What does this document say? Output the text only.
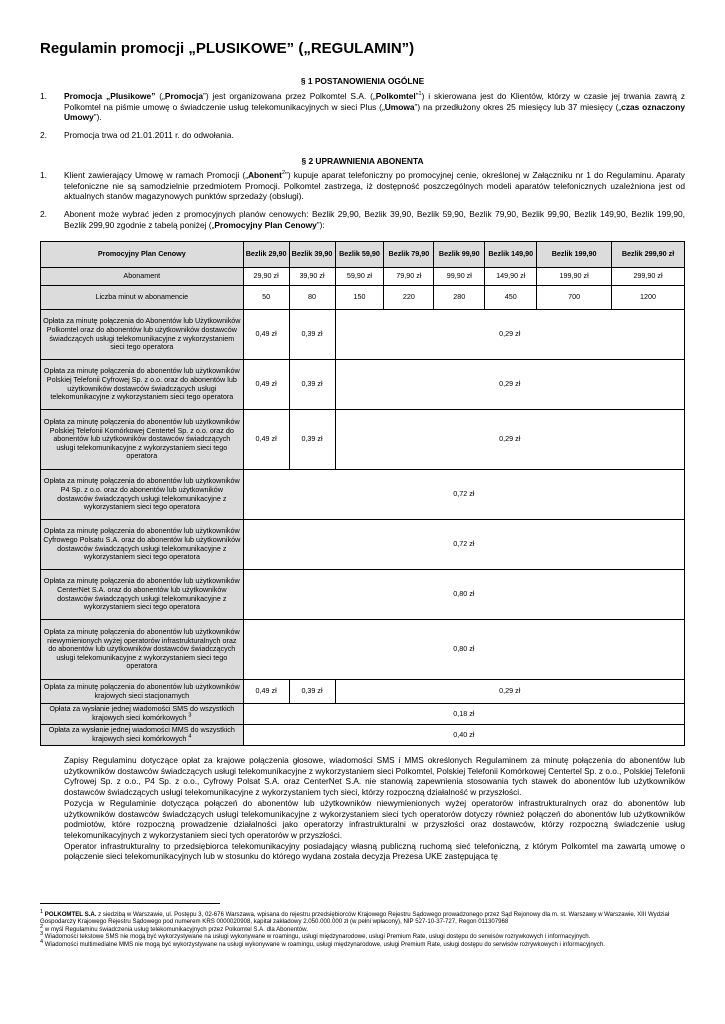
Regulamin promocji „PLUSIKOWE” („REGULAMIN”)
§ 1 POSTANOWIENIA OGÓLNE
1. Promocja „Plusikowe” („Promocja”) jest organizowana przez Polkomtel S.A. („Polkomtel”$^1$) i skierowana jest do Klientów, którzy w czasie jej trwania zawrą z Polkomtel na piśmie umowę o świadczenie usług telekomunikacyjnych w sieci Plus („Umowa”) na przedłużony okres 25 miesięcy lub 37 miesięcy („czas oznaczony Umowy”).
2. Promocja trwa od 21.01.2011 r. do odwołania.
§ 2 UPRAWNIENIA ABONENTA
1. Klient zawierający Umowę w ramach Promocji („Abonent$^2$”) kupuje aparat telefoniczny po promocyjnej cenie, określonej w Załączniku nr 1 do Regulaminu. Aparaty telefoniczne nie są samodzielnie przedmiotem Promocji. Polkomtel zastrzega, iż dostępność poszczególnych modeli aparatów telefonicznych uzależniona jest od aktualnych stanów magazynowych punktów sprzedaży (obsługi).
2. Abonent może wybrać jeden z promocyjnych planów cenowych: Bezlik 29,90, Bezlik 39,90, Bezlik 59,90, Bezlik 79,90, Bezlik 99,90, Bezlik 149,90, Bezlik 199,90, Bezlik 299,90 zgodnie z tabelą poniżej („Promocyjny Plan Cenowy”):
Promocyjny Plan Cenowy	Bezlik 29,90	Bezlik 39,90	Bezlik 59,90	Bezlik 79,90	Bezlik 99,90	Bezlik 149,90	Bezlik 199,90	Bezlik 299,90 zł
Abonament	29,90 zł	39,90 zł	59,90 zł	79,90 zł	99,90 zł	149,90 zł	199,90 zł	299,90 zł
Liczba minut w abonamencie	50	80	150	220	280	450	700	1200
Opłata za minutę połączenia do Abonentów lub Użytkowników Polkomtel oraz do abonentów lub użytkowników dostawców świadczących usługi telekomunikacyjne z wykorzystaniem sieci tego operatora	0,49 zł	0,39 zł	0,29 zł					
Opłata za minutę połączenia do abonentów lub użytkowników Polskiej Telefonii Cyfrowej Sp. z o.o. oraz do abonentów lub użytkowników dostawców świadczących usługi telekomunikacyjne z wykorzystaniem sieci tego operatora	0,49 zł	0,39 zł	0,29 zł					
Opłata za minutę połączenia do abonentów lub użytkowników Polskiej Telefonii Komórkowej Centertel Sp. z o.o. oraz do abonentów lub użytkowników dostawców świadczących usługi telekomunikacyjne z wykorzystaniem sieci tego operatora	0,49 zł	0,39 zł	0,29 zł					
Opłata za minutę połączenia do abonentów lub użytkowników P4 Sp. z o.o. oraz do abonentów lub użytkowników dostawców świadczących usługi telekomunikacyjne z wykorzystaniem sieci tego operatora	0,72 zł							
Opłata za minutę połączenia do abonentów lub użytkowników Cyfrowego Polsatu S.A. oraz do abonentów lub użytkowników dostawców świadczących usługi telekomunikacyjne z wykorzystaniem sieci tego operatora	0,72 zł							
Opłata za minutę połączenia do abonentów lub użytkowników CenterNet S.A. oraz do abonentów lub użytkowników dostawców świadczących usługi telekomunikacyjne z wykorzystaniem sieci tego operatora	0,80 zł							
Opłata za minutę połączenia do abonentów lub użytkowników niewymienionych wyżej operatorów infrastrukturalnych oraz do abonentów lub użytkowników dostawców świadczących usługi telekomunikacyjne z wykorzystaniem sieci tego operatora	0,80 zł							
Opłata za minutę połączenia do abonentów lub użytkowników krajowych sieci stacjonarnych	0,49 zł	0,39 zł	0,29 zł					
Opłata za wysłanie jednej wiadomości SMS do wszystkich krajowych sieci komórkowych $^3$	0,18 zł							
Opłata za wysłanie jednej wiadomości MMS do wszystkich krajowych sieci komórkowych $^4$	0,40 zł							

Zapisy Regulaminu dotyczące opłat za krajowe połączenia głosowe, wiadomości SMS i MMS określonych Regulaminem za minutę połączenia do abonentów lub użytkowników dostawców świadczących usługi telekomunikacyjne z wykorzystaniem sieci Polkomtel, Polskiej Telefonii Komórkowej Centertel Sp. z o.o., Polskiej Telefonii Cyfrowej Sp. z o.o., P4 Sp. z o.o., Cyfrowy Polsat S.A. oraz CenterNet S.A. nie stanowią zapewnienia stosowania tych stawek do abonentów lub użytkowników dostawców świadczących usługi telekomunikacyjne z wykorzystaniem tych sieci, którzy rozpoczną działalność w przyszłości.

Pozycja w Regulaminie dotycząca połączeń do abonentów lub użytkowników niewymienionych wyżej operatorów infrastrukturalnych oraz do abonentów lub użytkowników dostawców świadczących usługi telekomunikacyjne z wykorzystaniem sieci tych operatorów dotyczy również połączeń do abonentów lub użytkowników podmiotów, które rozpoczną prowadzenie działalności jako operatorzy infrastrukturalni w przyszłości oraz dostawców, którzy rozpoczną świadczenie usług telekomunikacyjnych z wykorzystaniem sieci tych operatorów w przyszłości.

Operator infrastrukturalny to przedsiębiorca telekomunikacyjny posiadający własną publiczną ruchomą sieć telefoniczną, z którym Polkomtel ma zawartą umowę o połączenie sieci telekomunikacyjnych lub w stosunku do którego wydana została decyzja Prezesa UKE zastępująca tę

$^1$ POLKOMTEL S.A. z siedzibą w Warszawie, ul. Postępu 3, 02-676 Warszawa, wpisana do rejestru przedsiębiorców Krajowego Rejestru Sądowego prowadzonego przez Sąd Rejonowy dla m. st. Warszawy w Warszawie, XIII Wydział Gospodarczy Krajowego Rejestru Sądowego pod numerem KRS 0000020908, kapitał zakładowy 2.050.000.000 zł (w pełni wpłacony), NIP 527-10-37-727, Regon 011307968

$^2$ w myśl Regulaminu świadczenia usług telekomunikacyjnych przez Polkomtel S.A. dla Abonentów.

$^3$ Wiadomości tekstowe SMS nie mogą być wykorzystywane na usługi wykonywane w roamingu, usługi międzynarodowe, usługi Premium Rate, usługi dostępu do serwisów rozrywkowych i informacyjnych.

$^4$ Wiadomości multimedialne MMS nie mogą być wykorzystywane na usługi wykonywane w roamingu, usługi międzynarodowe, usługi Premium Rate, usługi dostępu do serwisów rozrywkowych i informacyjnych.
